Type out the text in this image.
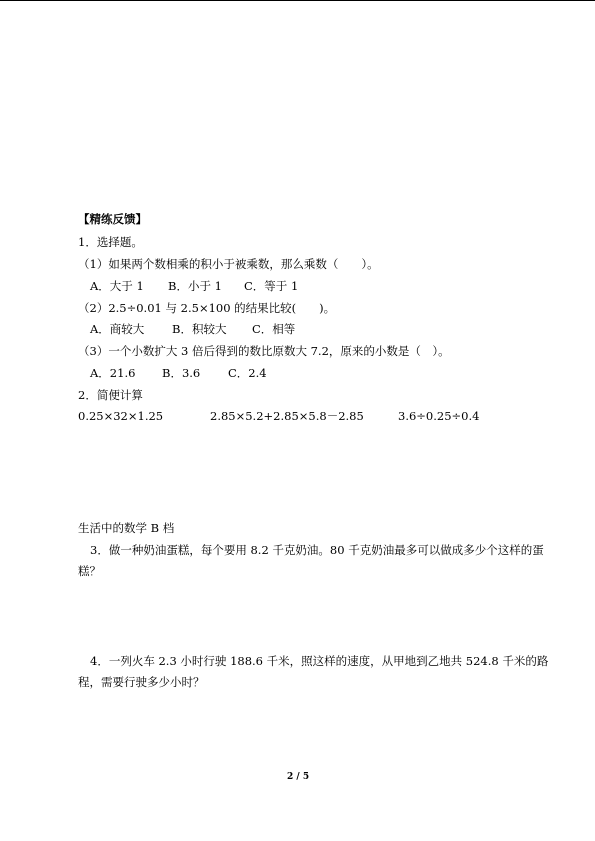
【精练反馈】
1．选择题。
（1）如果两个数相乘的积小于被乘数，那么乘数（　　）。
A．大于 1 B．小于 1 C．等于 1
（2）2.5÷0.01 与 2.5×100 的结果比较(　　)。
A．商较大 B．积较大 C．相等
（3）一个小数扩大 3 倍后得到的数比原数大 7.2，原来的小数是（　）。
A．21.6 B．3.6 C．2.4
2．简便计算
0.25×32×1.25	2.85×5.2+2.85×5.8－2.85	3.6÷0.25÷0.4
生活中的数学 B 档
3．做一种奶油蛋糕，每个要用 8.2 千克奶油。80 千克奶油最多可以做成多少个这样的蛋
糕？
4．一列火车 2.3 小时行驶 188.6 千米，照这样的速度，从甲地到乙地共 524.8 千米的路
程，需要行驶多少小时？
2 / 5
